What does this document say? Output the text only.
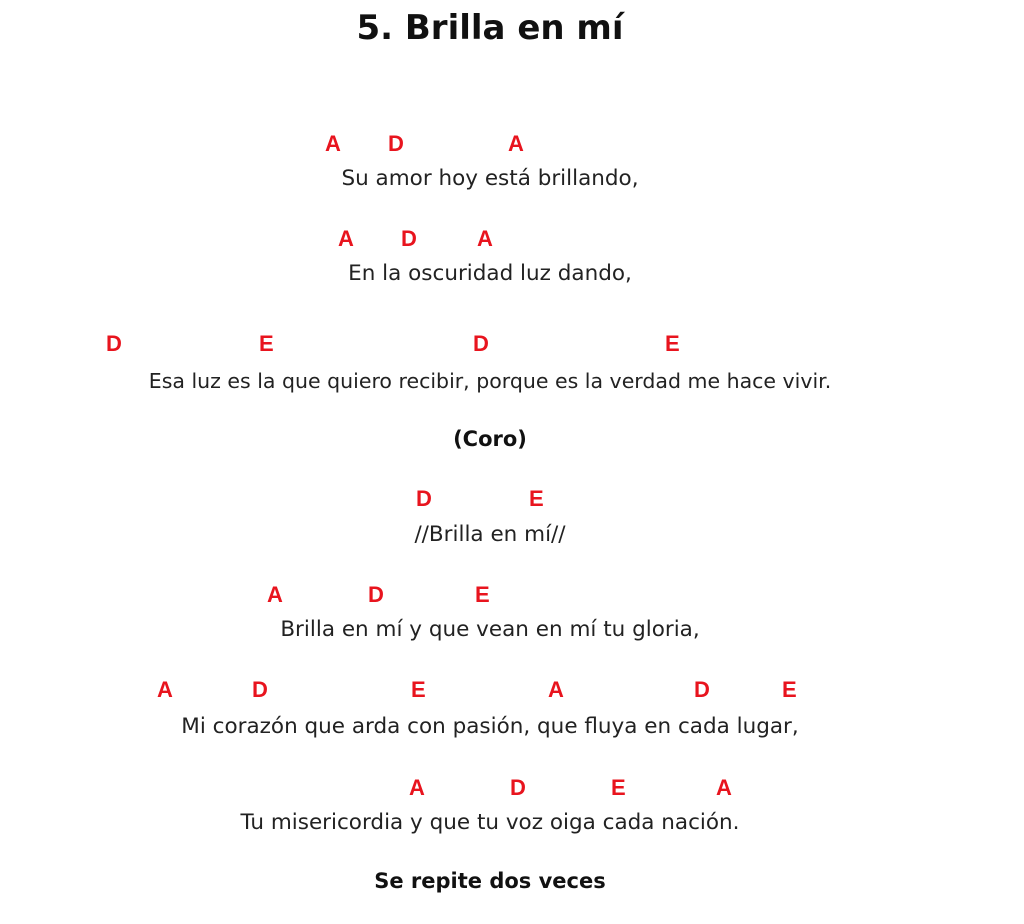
5. Brilla en mí
A D	A
Su amor hoy está brillando,
A D	A
En la oscuridad luz dando,
D	E	D	E
Esa luz es la que quiero recibir, porque es la verdad me hace vivir.
(Coro)
D	E
//Brilla en mí//
A	D	E
Brilla en mí y que vean en mí tu gloria,
A	D	E	A	D	E
Mi corazón que arda con pasión, que fluya en cada lugar,
A	D	E	A
Tu misericordia y que tu voz oiga cada nación.
Se repite dos veces
